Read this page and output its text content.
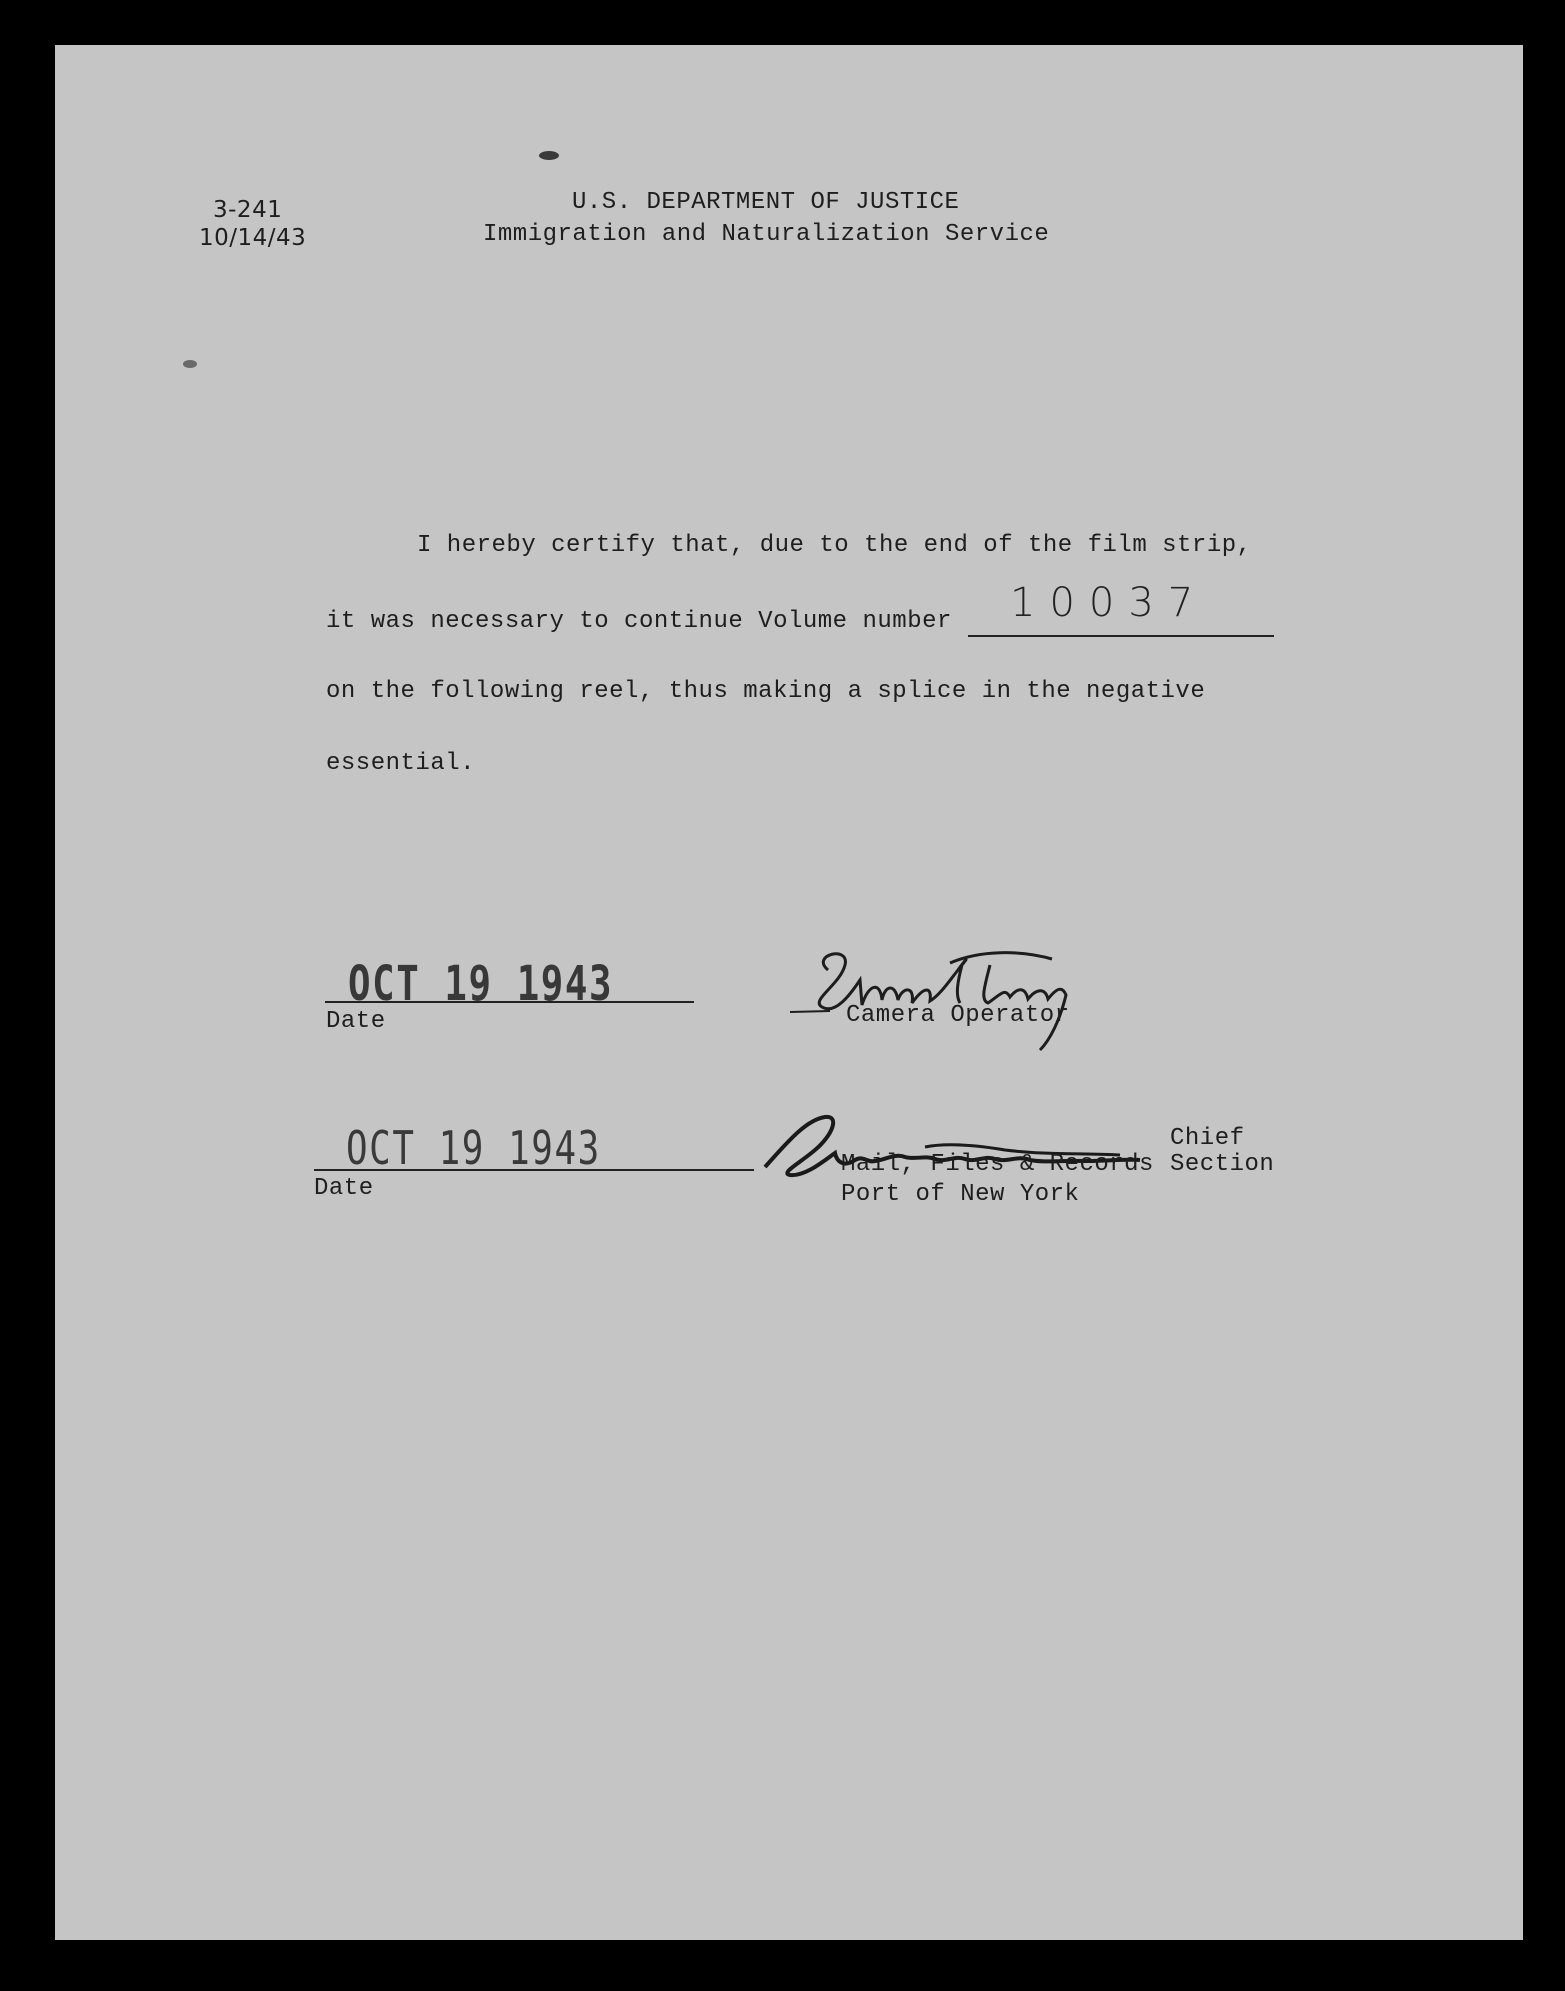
3-241
10/14/43
U.S. DEPARTMENT OF JUSTICE
Immigration and Naturalization Service
I hereby certify that, due to the end of the film strip,
it was necessary to continue Volume number 10037
on the following reel, thus making a splice in the negative
essential.
OCT 19 1943
Date	Camera Operator
OCT 19 1943
Date
Chief
Mail, Files & Records Section
Port of New York
